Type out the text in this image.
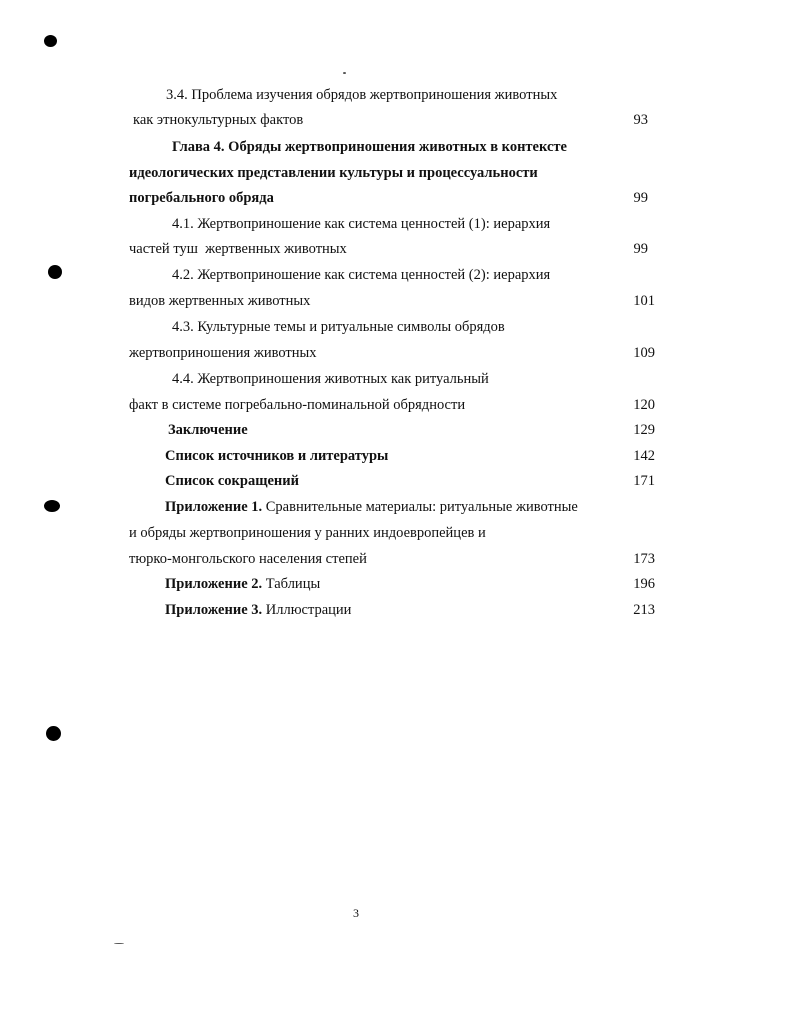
3.4. Проблема изучения обрядов жертвоприношения животных
как этнокультурных фактов	93
Глава 4. Обряды жертвоприношения животных в контексте
идеологических представлении культуры и процессуальности
погребального обряда	99
4.1. Жертвоприношение как система ценностей (1): иерархия
частей туш  жертвенных животных	99
4.2. Жертвоприношение как система ценностей (2): иерархия
видов жертвенных животных	101
4.3. Культурные темы и ритуальные символы обрядов
жертвоприношения животных	109
4.4. Жертвоприношения животных как ритуальный
факт в системе погребально-поминальной обрядности	120
Заключение	129
Список источников и литературы	142
Список сокращений	171
Приложение 1. Сравнительные материалы: ритуальные животные
и обряды жертвоприношения у ранних индоевропейцев и
тюрко-монгольского населения степей	173
Приложение 2. Таблицы	196
Приложение 3. Иллюстрации	213
3
